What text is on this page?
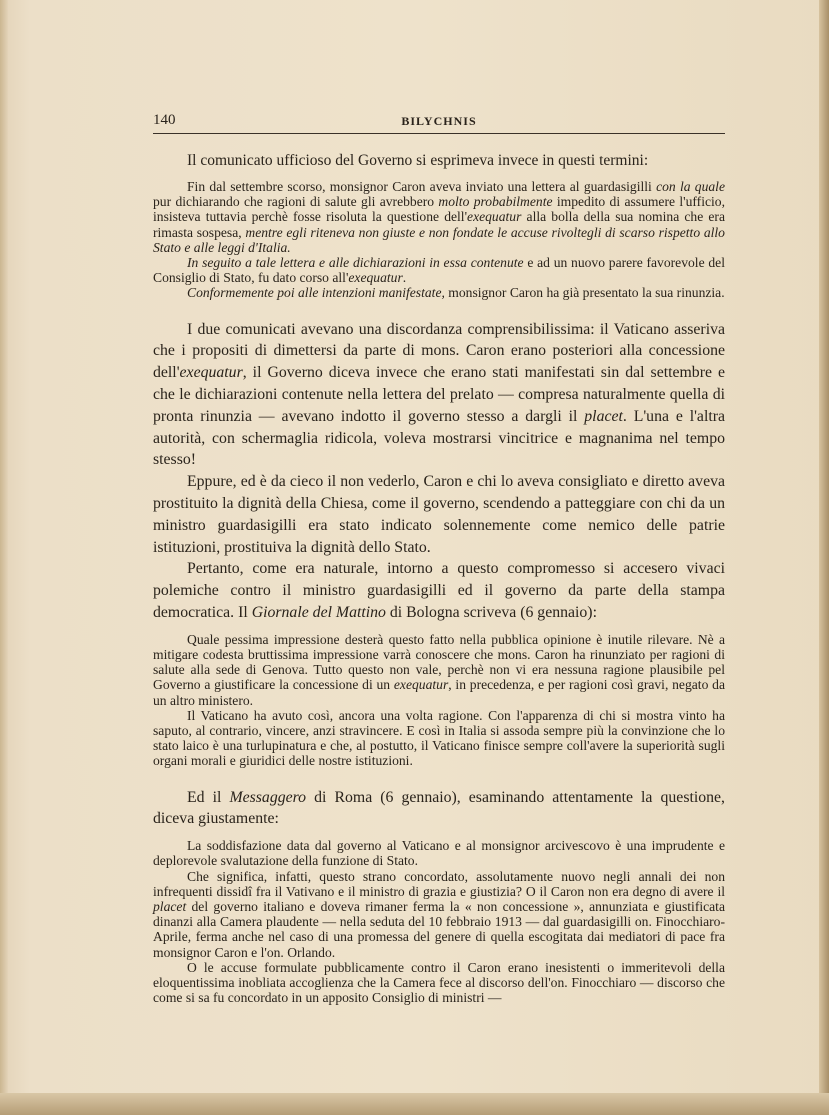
140	BILYCHNIS

Il comunicato ufficioso del Governo si esprimeva invece in questi termini:

Fin dal settembre scorso, monsignor Caron aveva inviato una lettera al guardasigilli con la quale pur dichiarando che ragioni di salute gli avrebbero molto probabilmente impedito di assumere l'ufficio, insisteva tuttavia perchè fosse risoluta la questione dell'exequatur alla bolla della sua nomina che era rimasta sospesa, mentre egli riteneva non giuste e non fondate le accuse rivoltegli di scarso rispetto allo Stato e alle leggi d'Italia.

In seguito a tale lettera e alle dichiarazioni in essa contenute e ad un nuovo parere favorevole del Consiglio di Stato, fu dato corso all'exequatur.

Conformemente poi alle intenzioni manifestate, monsignor Caron ha già presentato la sua rinunzia.

I due comunicati avevano una discordanza comprensibilissima: il Vaticano asseriva che i propositi di dimettersi da parte di mons. Caron erano posteriori alla concessione dell'exequatur, il Governo diceva invece che erano stati manifestati sin dal settembre e che le dichiarazioni contenute nella lettera del prelato — compresa naturalmente quella di pronta rinunzia — avevano indotto il governo stesso a dargli il placet. L'una e l'altra autorità, con schermaglia ridicola, voleva mostrarsi vincitrice e magnanima nel tempo stesso!

Eppure, ed è da cieco il non vederlo, Caron e chi lo aveva consigliato e diretto aveva prostituito la dignità della Chiesa, come il governo, scendendo a patteggiare con chi da un ministro guardasigilli era stato indicato solennemente come nemico delle patrie istituzioni, prostituiva la dignità dello Stato.

Pertanto, come era naturale, intorno a questo compromesso si accesero vivaci polemiche contro il ministro guardasigilli ed il governo da parte della stampa democratica. Il Giornale del Mattino di Bologna scriveva (6 gennaio):

Quale pessima impressione desterà questo fatto nella pubblica opinione è inutile rilevare. Nè a mitigare codesta bruttissima impressione varrà conoscere che mons. Caron ha rinunziato per ragioni di salute alla sede di Genova. Tutto questo non vale, perchè non vi era nessuna ragione plausibile pel Governo a giustificare la concessione di un exequatur, in precedenza, e per ragioni così gravi, negato da un altro ministero.

Il Vaticano ha avuto così, ancora una volta ragione. Con l'apparenza di chi si mostra vinto ha saputo, al contrario, vincere, anzi stravincere. E così in Italia si assoda sempre più la convinzione che lo stato laico è una turlupinatura e che, al postutto, il Vaticano finisce sempre coll'avere la superiorità sugli organi morali e giuridici delle nostre istituzioni.

Ed il Messaggero di Roma (6 gennaio), esaminando attentamente la questione, diceva giustamente:

La soddisfazione data dal governo al Vaticano e al monsignor arcivescovo è una imprudente e deplorevole svalutazione della funzione di Stato.

Che significa, infatti, questo strano concordato, assolutamente nuovo negli annali dei non infrequenti dissidî fra il Vativano e il ministro di grazia e giustizia? O il Caron non era degno di avere il placet del governo italiano e doveva rimaner ferma la « non concessione », annunziata e giustificata dinanzi alla Camera plaudente — nella seduta del 10 febbraio 1913 — dal guardasigilli on. Finocchiaro-Aprile, ferma anche nel caso di una promessa del genere di quella escogitata dai mediatori di pace fra monsignor Caron e l'on. Orlando.

O le accuse formulate pubblicamente contro il Caron erano inesistenti o immeritevoli della eloquentissima inobliata accoglienza che la Camera fece al discorso dell'on. Finocchiaro — discorso che come si sa fu concordato in un apposito Consiglio di ministri —
